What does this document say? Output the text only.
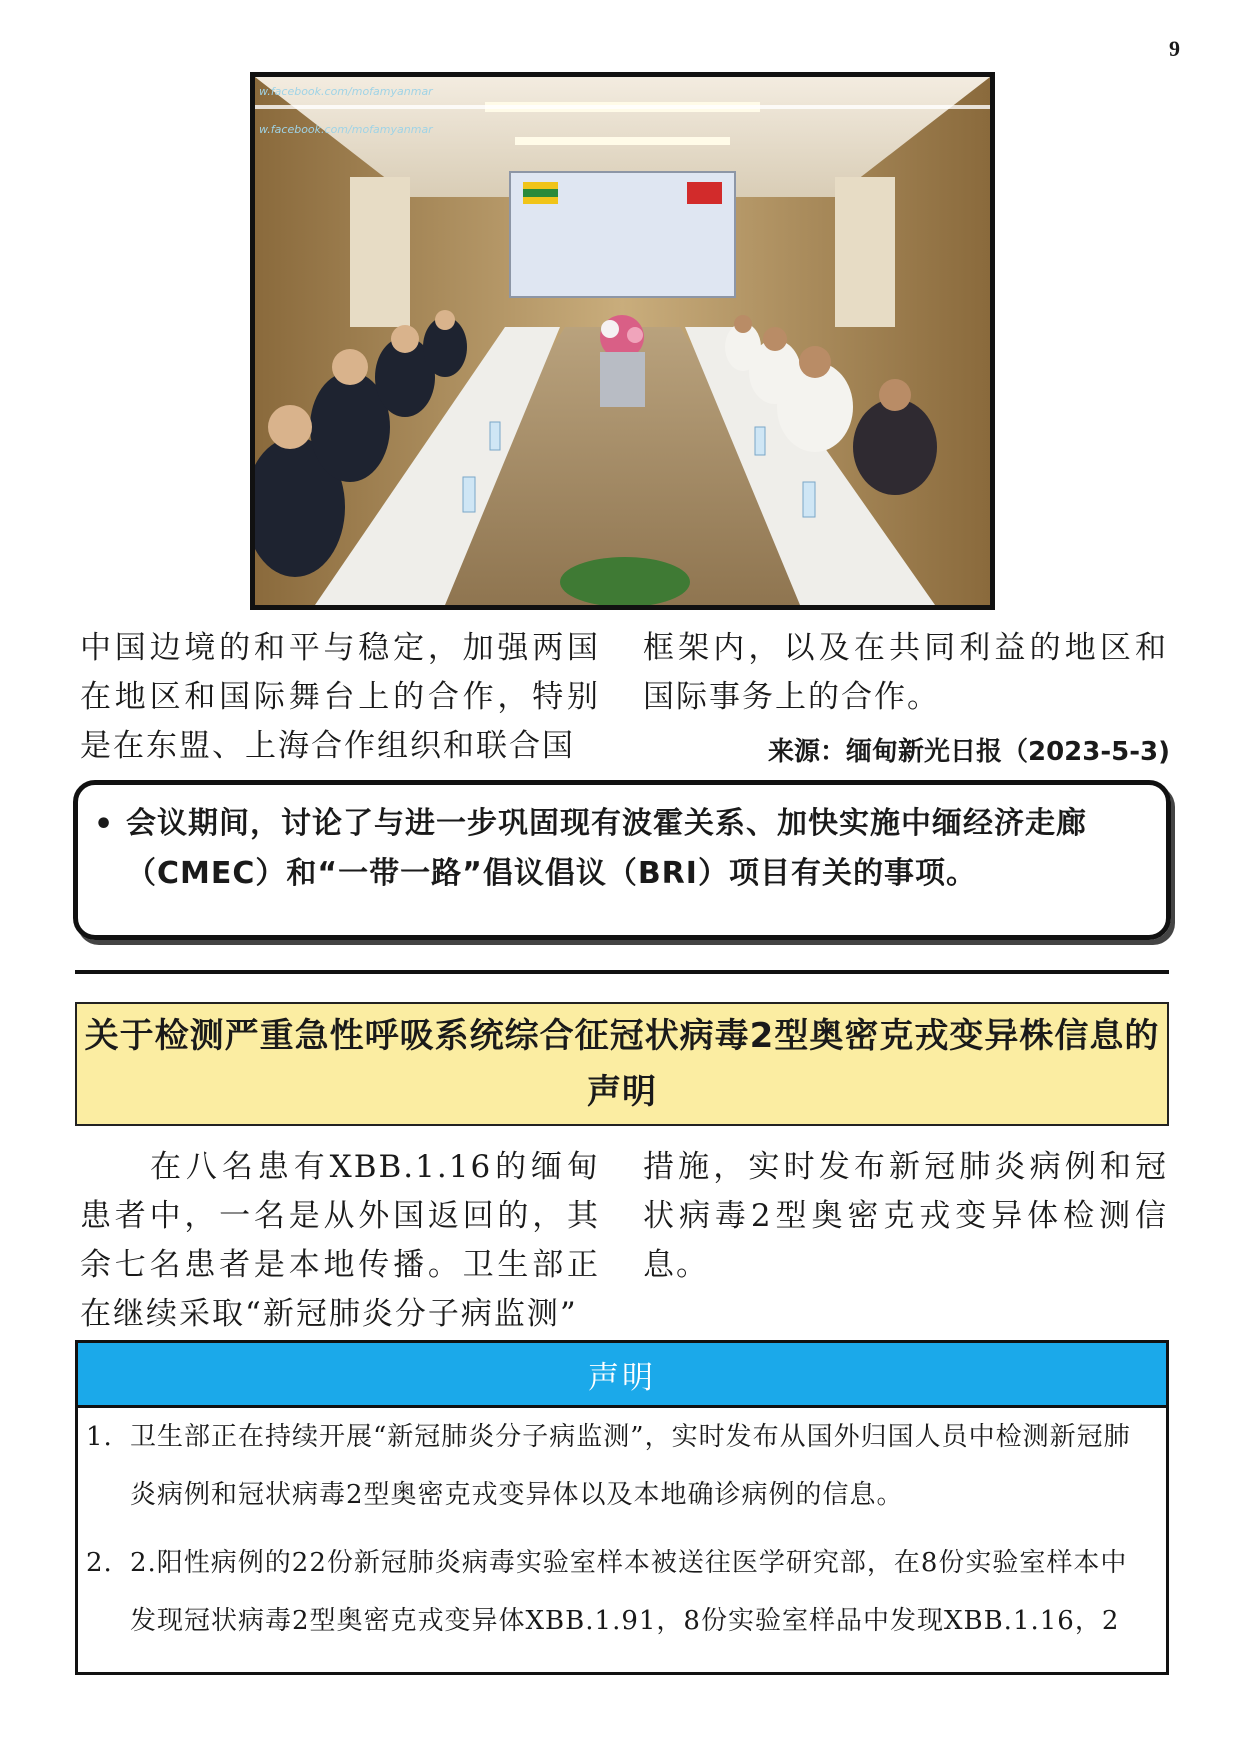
9
w.facebook.com/mofamyanmar
w.facebook.com/mofamyanmar

中国边境的和平与稳定，加强两国在地区和国际舞台上的合作，特别是在东盟、上海合作组织和联合国

框架内，以及在共同利益的地区和国际事务上的合作。

来源：缅甸新光日报（2023-5-3)
• 会议期间，讨论了与进一步巩固现有波霍关系、加快实施中缅经济走廊（CMEC）和“一带一路”倡议倡议（BRI）项目有关的事项。

关于检测严重急性呼吸系统综合征冠状病毒2型奥密克戎变异株信息的声明

在八名患有XBB.1.16的缅甸患者中，一名是从外国返回的，其余七名患者是本地传播。卫生部正在继续采取“新冠肺炎分子病监测”

措施，实时发布新冠肺炎病例和冠状病毒2型奥密克戎变异体检测信息。

声明
1. 卫生部正在持续开展“新冠肺炎分子病监测”，实时发布从国外归国人员中检测新冠肺炎病例和冠状病毒2型奥密克戎变异体以及本地确诊病例的信息。
2. 2.阳性病例的22份新冠肺炎病毒实验室样本被送往医学研究部，在8份实验室样本中发现冠状病毒2型奥密克戎变异体XBB.1.91，8份实验室样品中发现XBB.1.16，2
